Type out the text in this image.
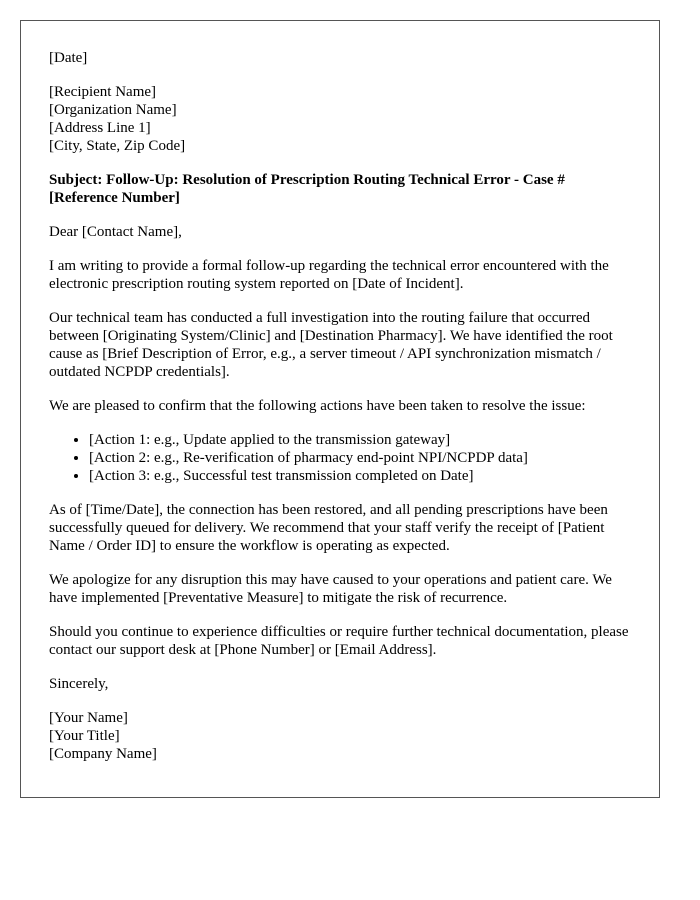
[Date]

[Recipient Name]
[Organization Name]
[Address Line 1]
[City, State, Zip Code]

Subject: Follow-Up: Resolution of Prescription Routing Technical Error - Case # [Reference Number]

Dear [Contact Name],

I am writing to provide a formal follow-up regarding the technical error encountered with the electronic prescription routing system reported on [Date of Incident].

Our technical team has conducted a full investigation into the routing failure that occurred between [Originating System/Clinic] and [Destination Pharmacy]. We have identified the root cause as [Brief Description of Error, e.g., a server timeout / API synchronization mismatch / outdated NCPDP credentials].

We are pleased to confirm that the following actions have been taken to resolve the issue:

• [Action 1: e.g., Update applied to the transmission gateway]
• [Action 2: e.g., Re-verification of pharmacy end-point NPI/NCPDP data]
• [Action 3: e.g., Successful test transmission completed on Date]

As of [Time/Date], the connection has been restored, and all pending prescriptions have been successfully queued for delivery. We recommend that your staff verify the receipt of [Patient Name / Order ID] to ensure the workflow is operating as expected.

We apologize for any disruption this may have caused to your operations and patient care. We have implemented [Preventative Measure] to mitigate the risk of recurrence.

Should you continue to experience difficulties or require further technical documentation, please contact our support desk at [Phone Number] or [Email Address].

Sincerely,

[Your Name]
[Your Title]
[Company Name]
